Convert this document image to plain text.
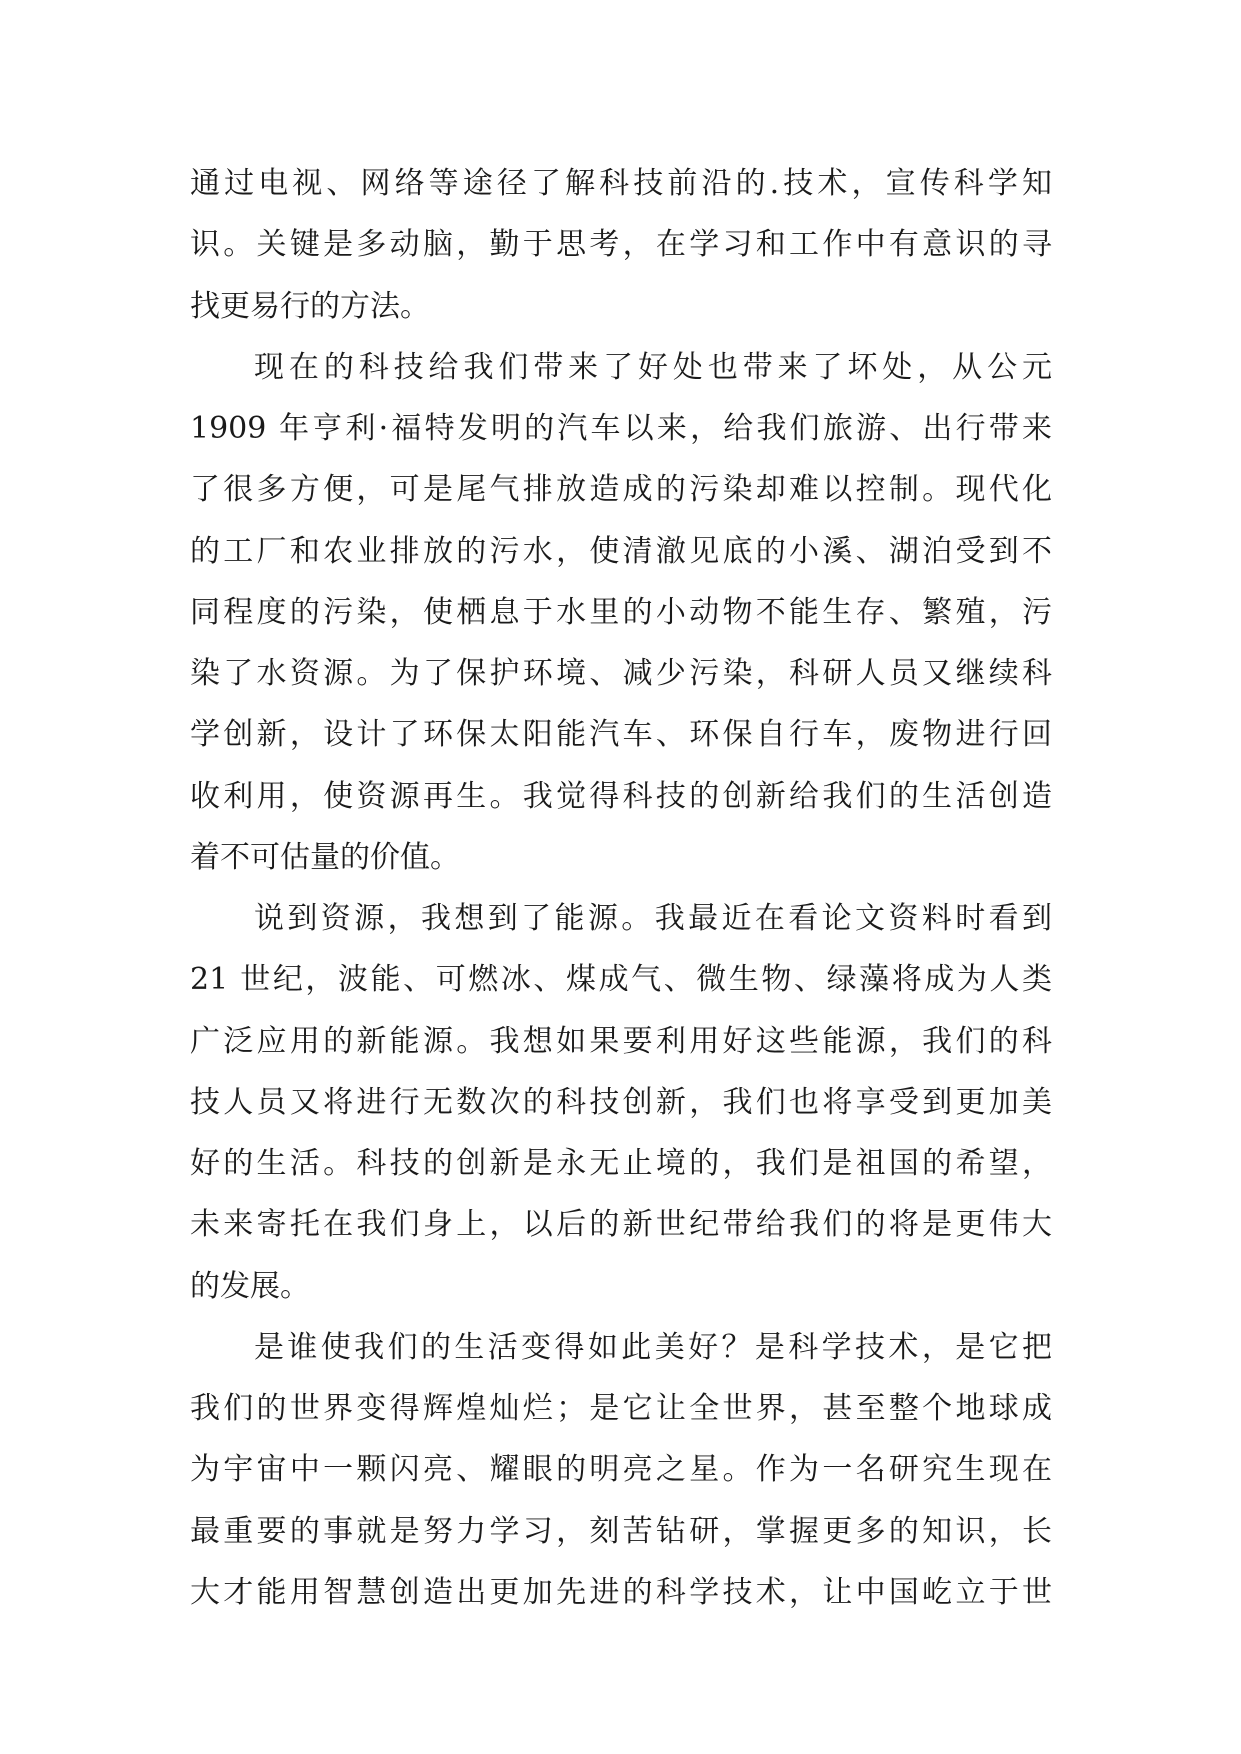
通过电视、网络等途径了解科技前沿的.技术，宣传科学知
识。关键是多动脑，勤于思考，在学习和工作中有意识的寻
找更易行的方法。
现在的科技给我们带来了好处也带来了坏处，从公元
1909 年亨利·福特发明的汽车以来，给我们旅游、出行带来
了很多方便，可是尾气排放造成的污染却难以控制。现代化
的工厂和农业排放的污水，使清澈见底的小溪、湖泊受到不
同程度的污染，使栖息于水里的小动物不能生存、繁殖，污
染了水资源。为了保护环境、减少污染，科研人员又继续科
学创新，设计了环保太阳能汽车、环保自行车，废物进行回
收利用，使资源再生。我觉得科技的创新给我们的生活创造
着不可估量的价值。
说到资源，我想到了能源。我最近在看论文资料时看到
21 世纪，波能、可燃冰、煤成气、微生物、绿藻将成为人类
广泛应用的新能源。我想如果要利用好这些能源，我们的科
技人员又将进行无数次的科技创新，我们也将享受到更加美
好的生活。科技的创新是永无止境的，我们是祖国的希望，
未来寄托在我们身上，以后的新世纪带给我们的将是更伟大
的发展。
是谁使我们的生活变得如此美好？是科学技术，是它把
我们的世界变得辉煌灿烂；是它让全世界，甚至整个地球成
为宇宙中一颗闪亮、耀眼的明亮之星。作为一名研究生现在
最重要的事就是努力学习，刻苦钻研，掌握更多的知识，长
大才能用智慧创造出更加先进的科学技术，让中国屹立于世
